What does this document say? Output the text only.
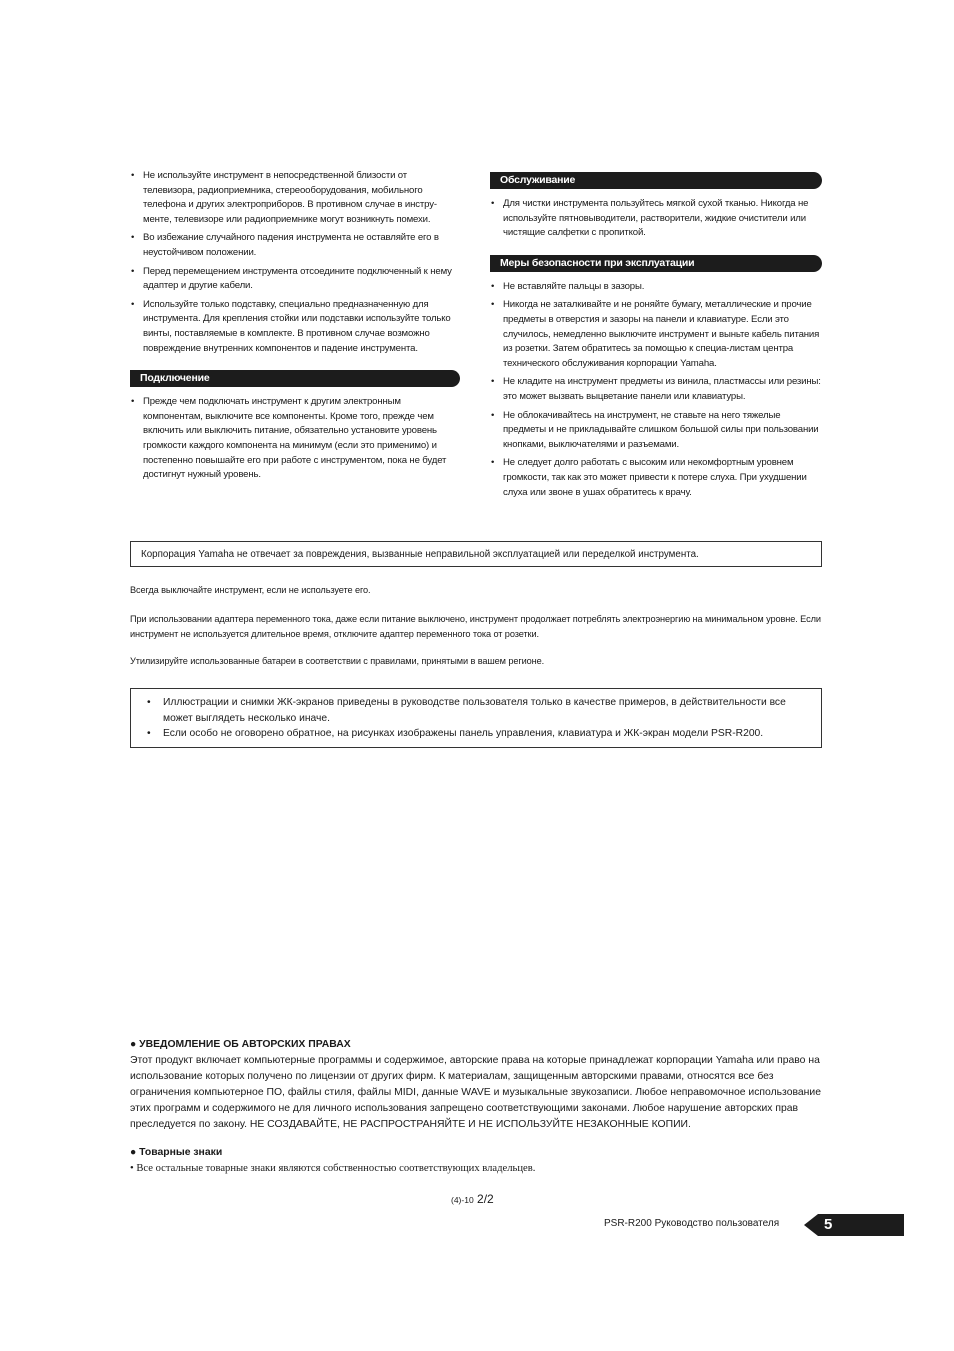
• Не используйте инструмент в непосредственной близости от телевизора, радиоприемника, стереооборудования, мобильного телефона и других электроприборов. В противном случае в инстру-менте, телевизоре или радиоприемнике могут возникнуть помехи.
• Во избежание случайного падения инструмента не оставляйте его в неустойчивом положении.
• Перед перемещением инструмента отсоедините подключенный к нему адаптер и другие кабели.
• Используйте только подставку, специально предназначенную для инструмента. Для крепления стойки или подставки используйте только винты, поставляемые в комплекте. В противном случае возможно повреждение внутренних компонентов и падение инструмента.
Подключение
• Прежде чем подключать инструмент к другим электронным компонентам, выключите все компоненты. Кроме того, прежде чем включить или выключить питание, обязательно установите уровень громкости каждого компонента на минимум (если это применимо) и постепенно повышайте его при работе с инструментом, пока не будет достигнут нужный уровень.
Обслуживание
• Для чистки инструмента пользуйтесь мягкой сухой тканью. Никогда не используйте пятновыводители, растворители, жидкие очистители или чистящие салфетки с пропиткой.
Меры безопасности при эксплуатации
• Не вставляйте пальцы в зазоры.
• Никогда не заталкивайте и не роняйте бумагу, металлические и прочие предметы в отверстия и зазоры на панели и клавиатуре. Если это случилось, немедленно выключите инструмент и выньте кабель питания из розетки. Затем обратитесь за помощью к специа-листам центра технического обслуживания корпорации Yamaha.
• Не кладите на инструмент предметы из винила, пластмассы или резины: это может вызвать выцветание панели или клавиатуры.
• Не облокачивайтесь на инструмент, не ставьте на него тяжелые предметы и не прикладывайте слишком большой силы при пользовании кнопками, выключателями и разъемами.
• Не следует долго работать с высоким или некомфортным уровнем громкости, так как это может привести к потере слуха. При ухудшении слуха или звоне в ушах обратитесь к врачу.
Корпорация Yamaha не отвечает за повреждения, вызванные неправильной эксплуатацией или переделкой инструмента.
Всегда выключайте инструмент, если не используете его.
При использовании адаптера переменного тока, даже если питание выключено, инструмент продолжает потреблять электроэнергию на минимальном уровне. Если инструмент не используется длительное время, отключите адаптер переменного тока от розетки.
Утилизируйте использованные батареи в соответствии с правилами, принятыми в вашем регионе.
• Иллюстрации и снимки ЖК-экранов приведены в руководстве пользователя только в качестве примеров, в действительности все может выглядеть несколько иначе.
• Если особо не оговорено обратное, на рисунках изображены панель управления, клавиатура и ЖК-экран модели PSR-R200.
● УВЕДОМЛЕНИЕ ОБ АВТОРСКИХ ПРАВАХ

Этот продукт включает компьютерные программы и содержимое, авторские права на которые принадлежат корпорации Yamaha или право на использование которых получено по лицензии от других фирм. К материалам, защищенным авторскими правами, относятся все без ограничения компьютерное ПО, файлы стиля, файлы MIDI, данные WAVE и музыкальные звукозаписи. Любое неправомочное использование этих программ и содержимого не для личного использования запрещено соответствующими законами. Любое нарушение авторских прав преследуется по закону. НЕ СОЗДАВАЙТЕ, НЕ РАСПРОСТРАНЯЙТЕ И НЕ ИСПОЛЬЗУЙТЕ НЕЗАКОННЫЕ КОПИИ.

● Товарные знаки

• Все остальные товарные знаки являются собственностью соответствующих владельцев.

(4)-10 2/2
PSR-R200 Руководство пользователя	5
